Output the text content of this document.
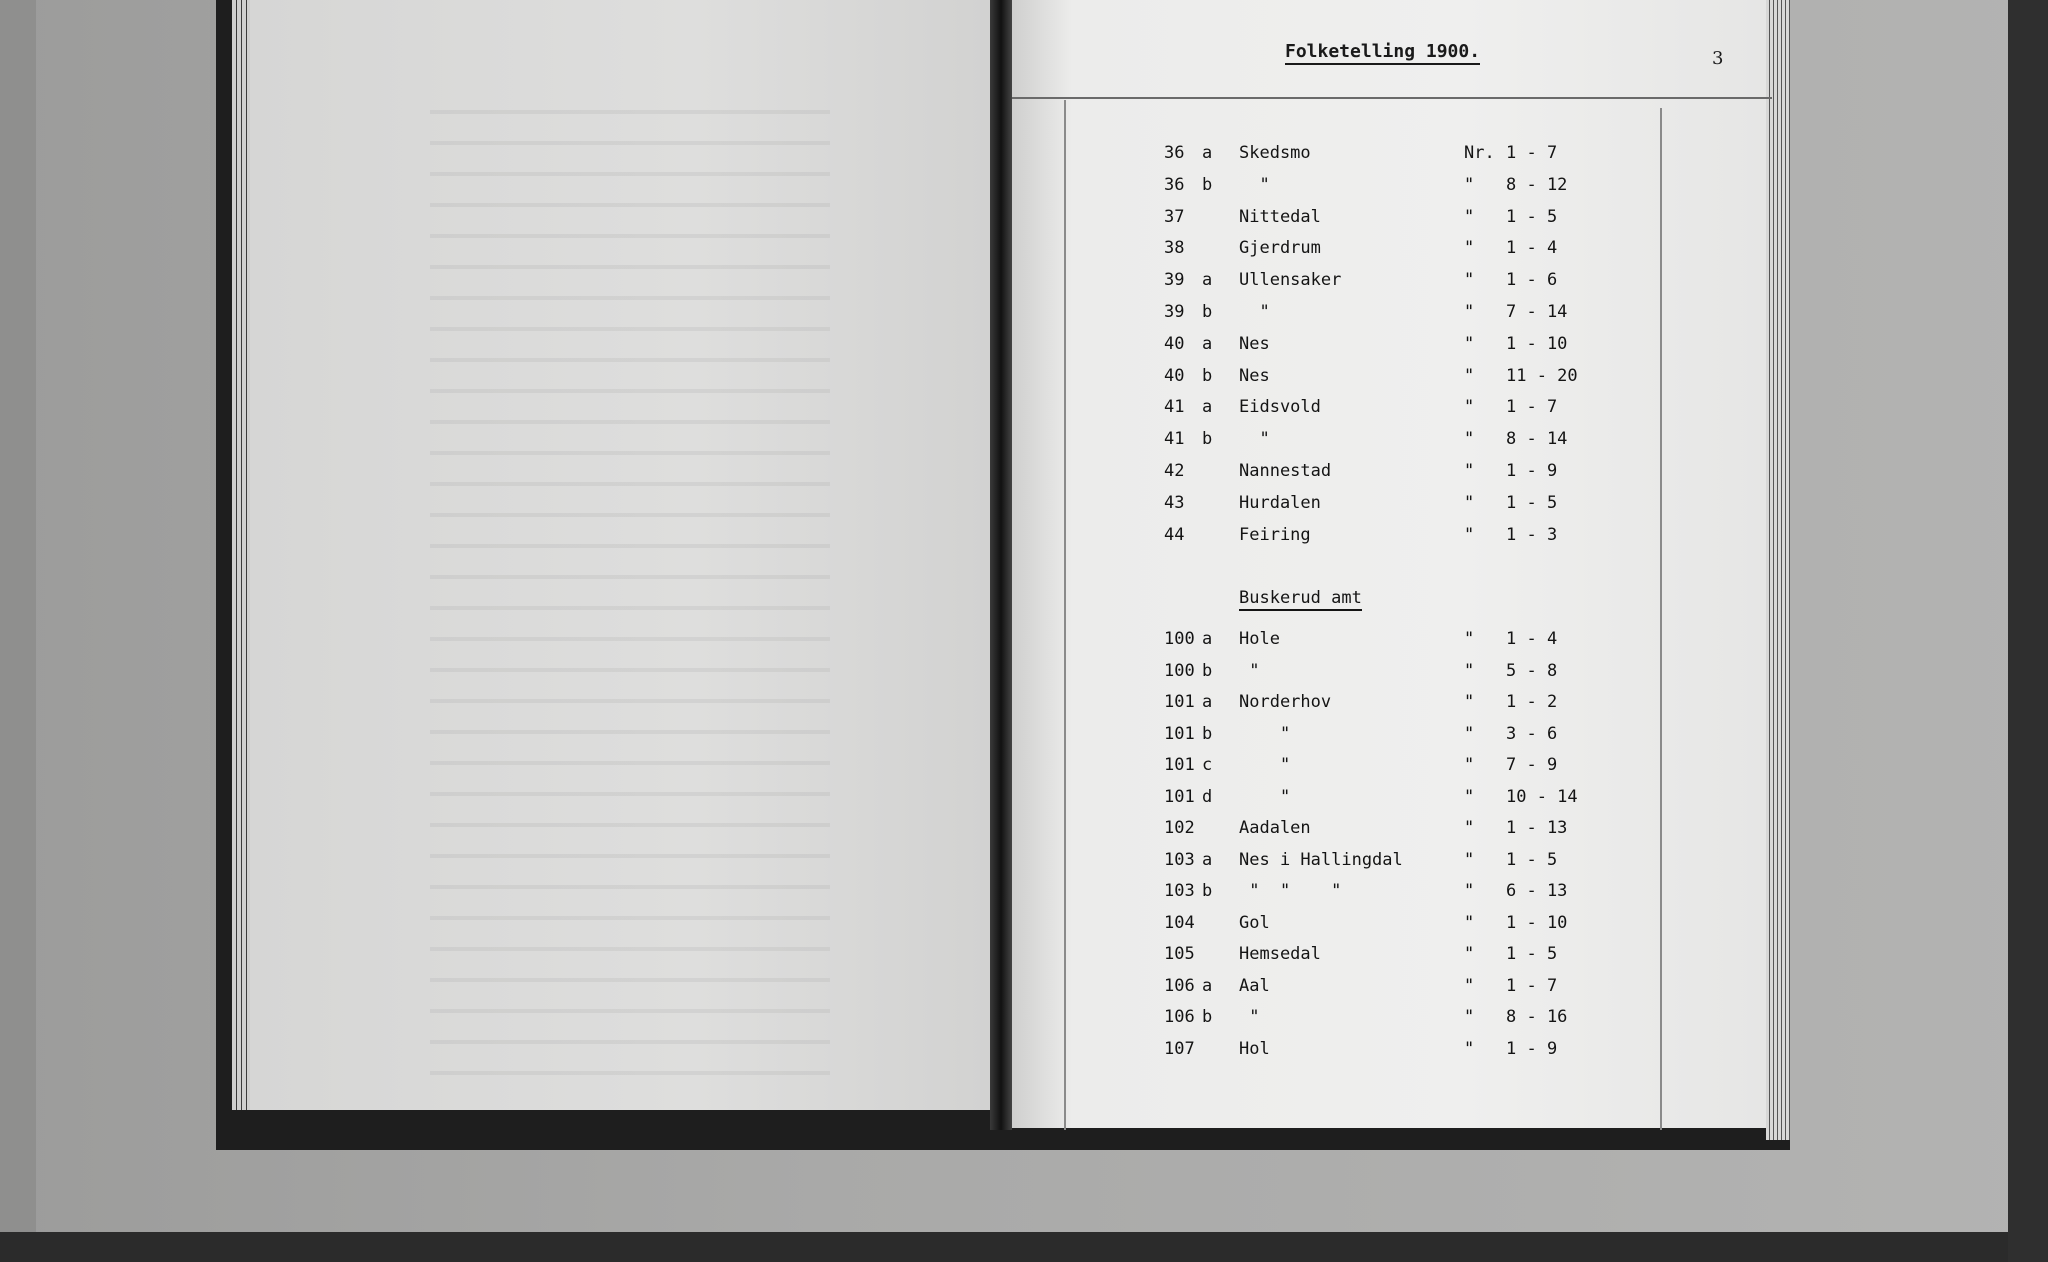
Folketelling 1900.	3
Buskerud amt
36	a	Skedsmo	Nr. 1 - 7
36	b	"	"	8 - 12
37	Nittedal	"	1 - 5
38	Gjerdrum	"	1 - 4
39	a	Ullensaker	"	1 - 6
39	b	"	"	7 - 14
40	a	Nes	"	1 - 10
40	b	Nes	"	11 - 20
41	a	Eidsvold	"	1 - 7
41	b	"	"	8 - 14
42	Nannestad	"	1 - 9
43	Hurdalen	"	1 - 5
44	Feiring	"	1 - 3
100 a	Hole	"	1 - 4
100 b	"	"	5 - 8
101 a	Norderhov	"	1 - 2
101 b	"	"	3 - 6
101 c	"	"	7 - 9
101 d	"	"	10 - 14
102	Aadalen	"	1 - 13
103 a	Nes i Hallingdal	"	1 - 5
103 b	"  "    "	"	6 - 13
104	Gol	"	1 - 10
105	Hemsedal	"	1 - 5
106 a	Aal	"	1 - 7
106 b	"	"	8 - 16
107	Hol	"	1 - 9
